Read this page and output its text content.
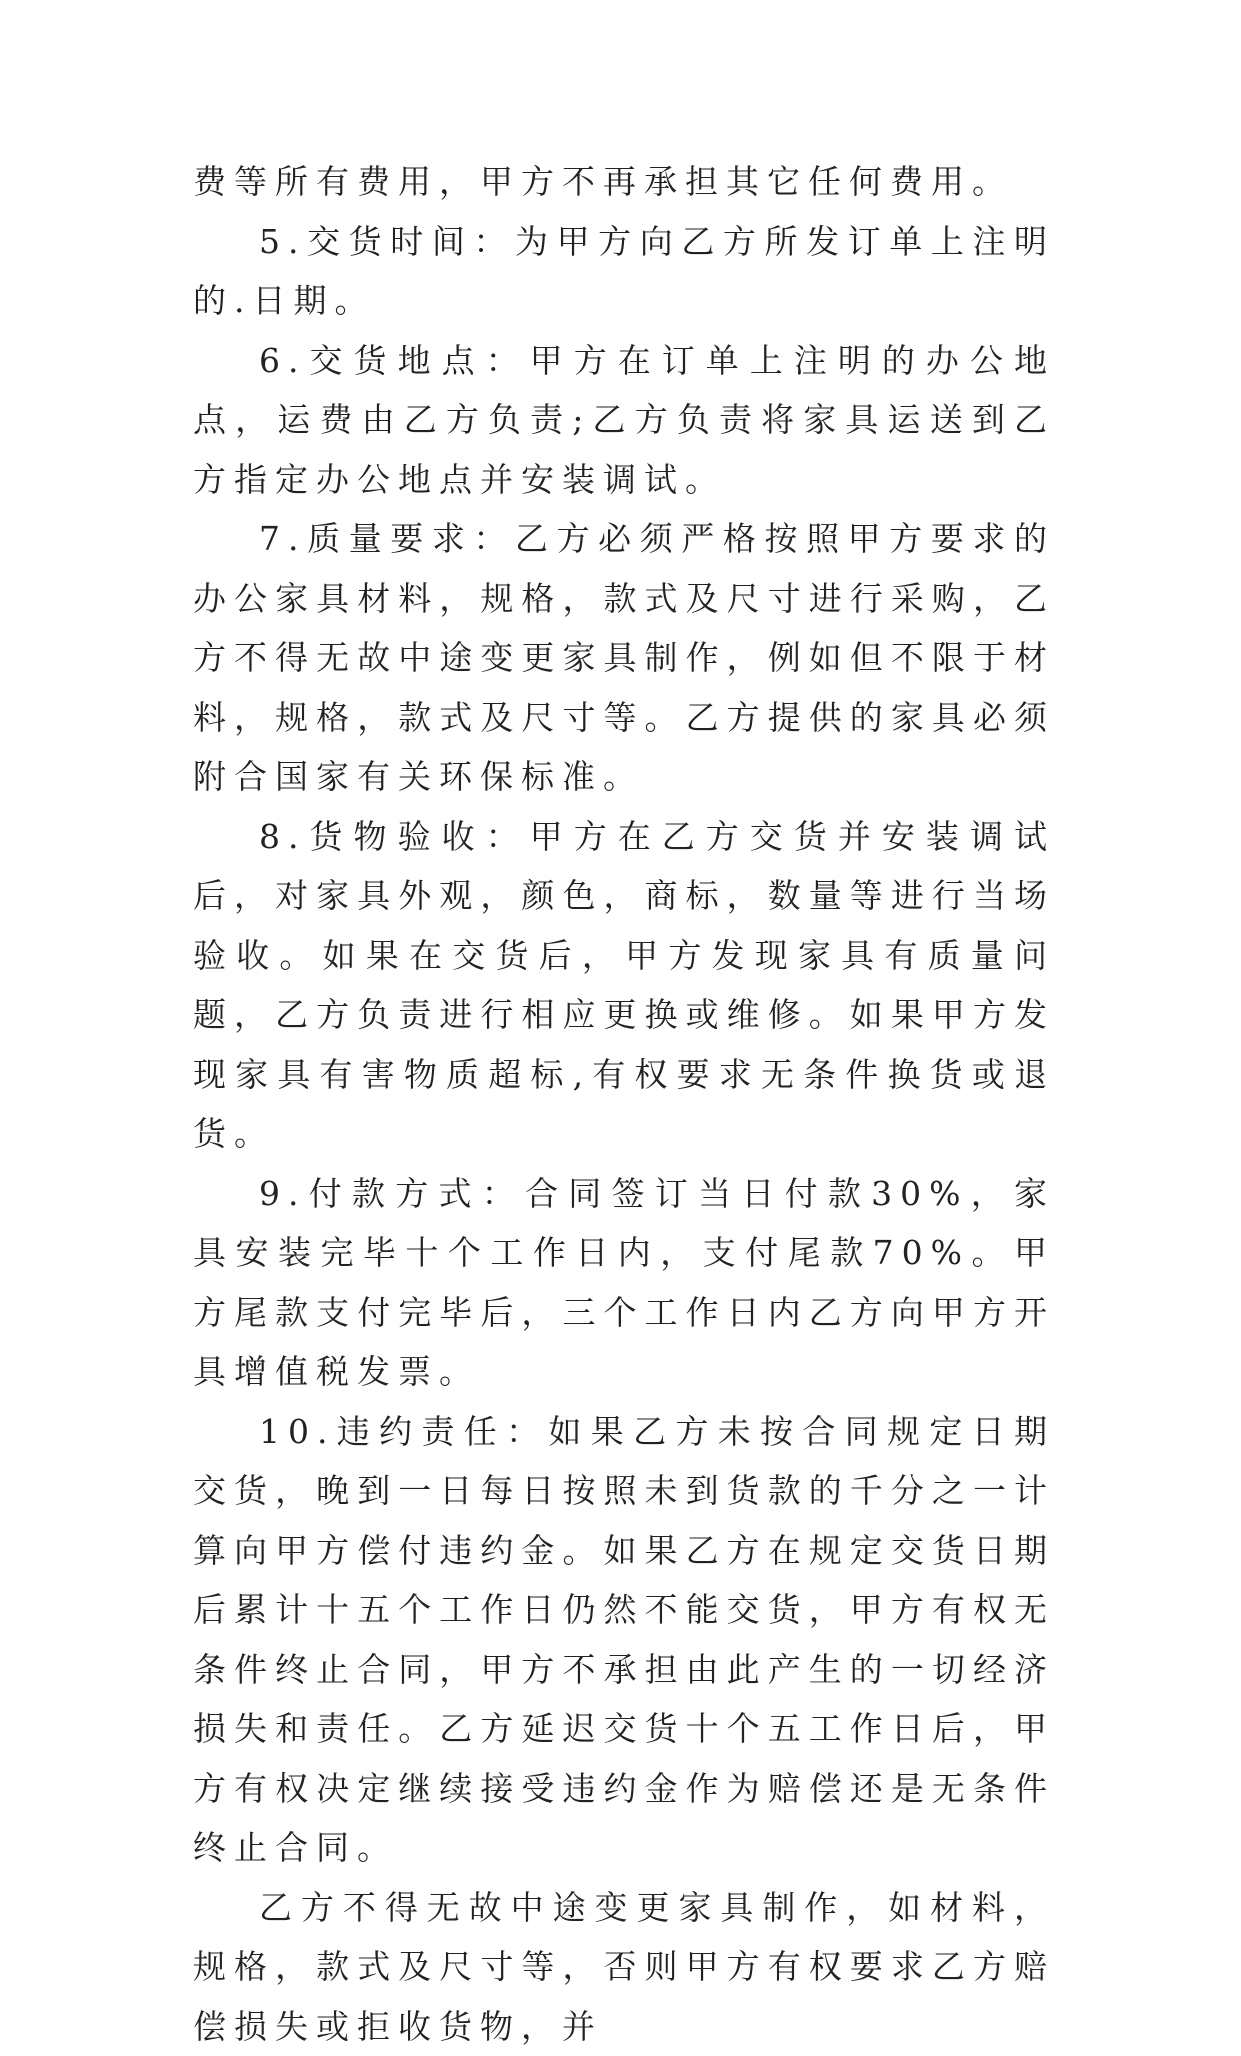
费等所有费用，甲方不再承担其它任何费用。

5.交货时间：为甲方向乙方所发订单上注明的.日期。

6.交货地点：甲方在订单上注明的办公地点，运费由乙方负责;乙方负责将家具运送到乙方指定办公地点并安装调试。

7.质量要求：乙方必须严格按照甲方要求的办公家具材料，规格，款式及尺寸进行采购，乙方不得无故中途变更家具制作，例如但不限于材料，规格，款式及尺寸等。乙方提供的家具必须附合国家有关环保标准。

8.货物验收：甲方在乙方交货并安装调试后，对家具外观，颜色，商标，数量等进行当场验收。如果在交货后，甲方发现家具有质量问题，乙方负责进行相应更换或维修。如果甲方发现家具有害物质超标,有权要求无条件换货或退货。

9.付款方式：合同签订当日付款30%，家具安装完毕十个工作日内，支付尾款70%。甲方尾款支付完毕后，三个工作日内乙方向甲方开具增值税发票。

10.违约责任：如果乙方未按合同规定日期交货，晚到一日每日按照未到货款的千分之一计算向甲方偿付违约金。如果乙方在规定交货日期后累计十五个工作日仍然不能交货，甲方有权无条件终止合同，甲方不承担由此产生的一切经济损失和责任。乙方延迟交货十个五工作日后，甲方有权决定继续接受违约金作为赔偿还是无条件终止合同。

乙方不得无故中途变更家具制作，如材料，规格，款式及尺寸等，否则甲方有权要求乙方赔偿损失或拒收货物，并
